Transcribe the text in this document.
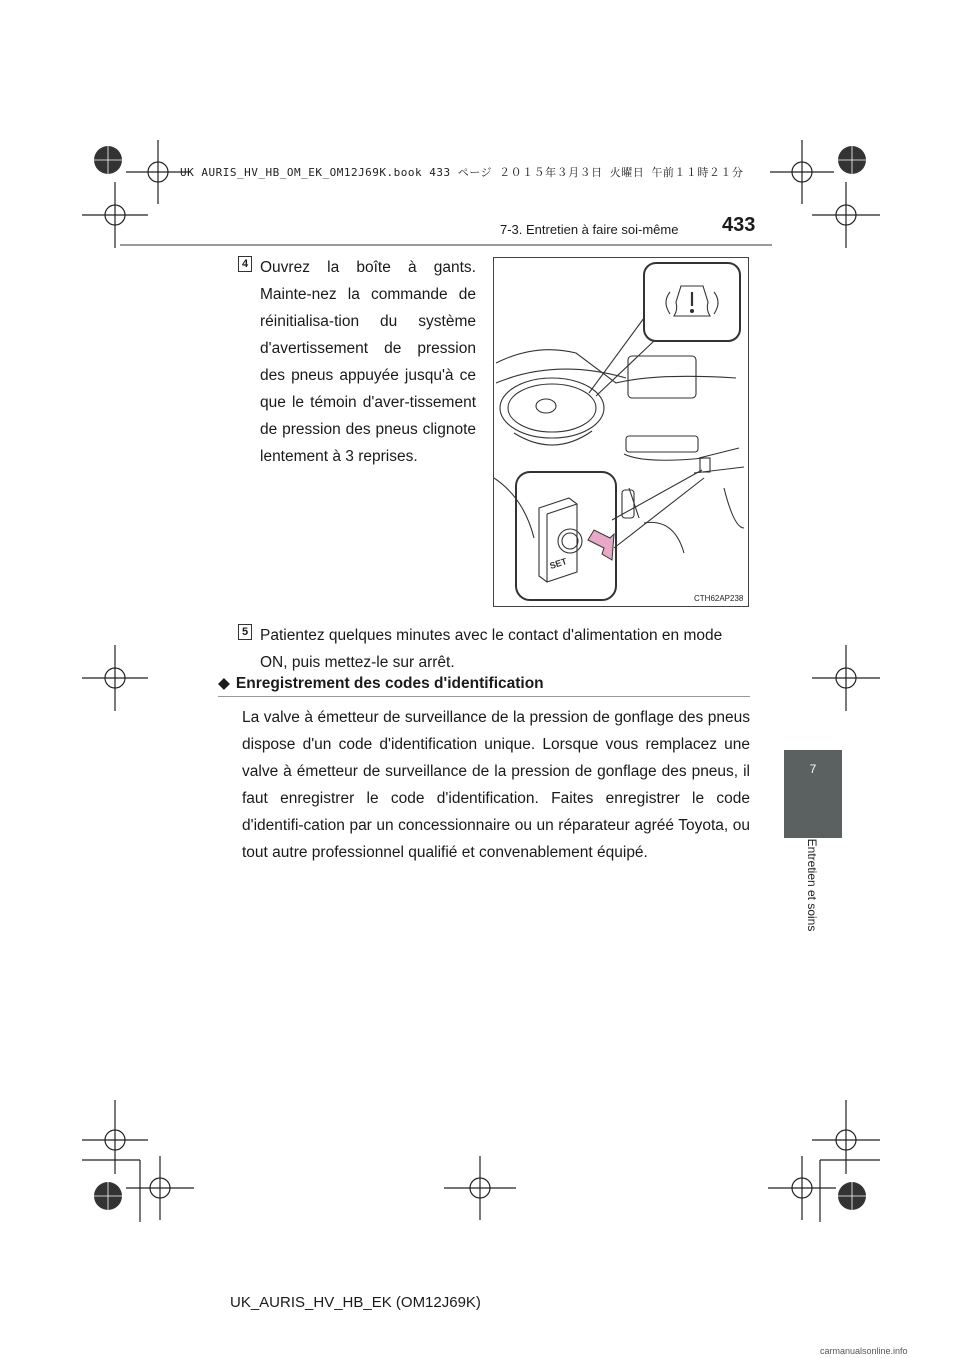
UK AURIS_HV_HB_OM_EK_OM12J69K.book 433 ページ ２０１５年３月３日 火曜日 午前１１時２１分
7-3. Entretien à faire soi-même 433
4 Ouvrez la boîte à gants. Mainte-nez la commande de réinitialisa-tion du système d'avertissement de pression des pneus appuyée jusqu'à ce que le témoin d'aver-tissement de pression des pneus clignote lentement à 3 reprises.
SET
CTH62AP238
5 Patientez quelques minutes avec le contact d'alimentation en mode ON, puis mettez-le sur arrêt.
◆ Enregistrement des codes d'identification
La valve à émetteur de surveillance de la pression de gonflage des pneus dispose d'un code d'identification unique. Lorsque vous remplacez une valve à émetteur de surveillance de la pression de gonflage des pneus, il faut enregistrer le code d'identification. Faites enregistrer le code d'identifi-cation par un concessionnaire ou un réparateur agréé Toyota, ou tout autre professionnel qualifié et convenablement équipé.
7
Entretien et soins
UK_AURIS_HV_HB_EK (OM12J69K)
carmanualsonline.info
